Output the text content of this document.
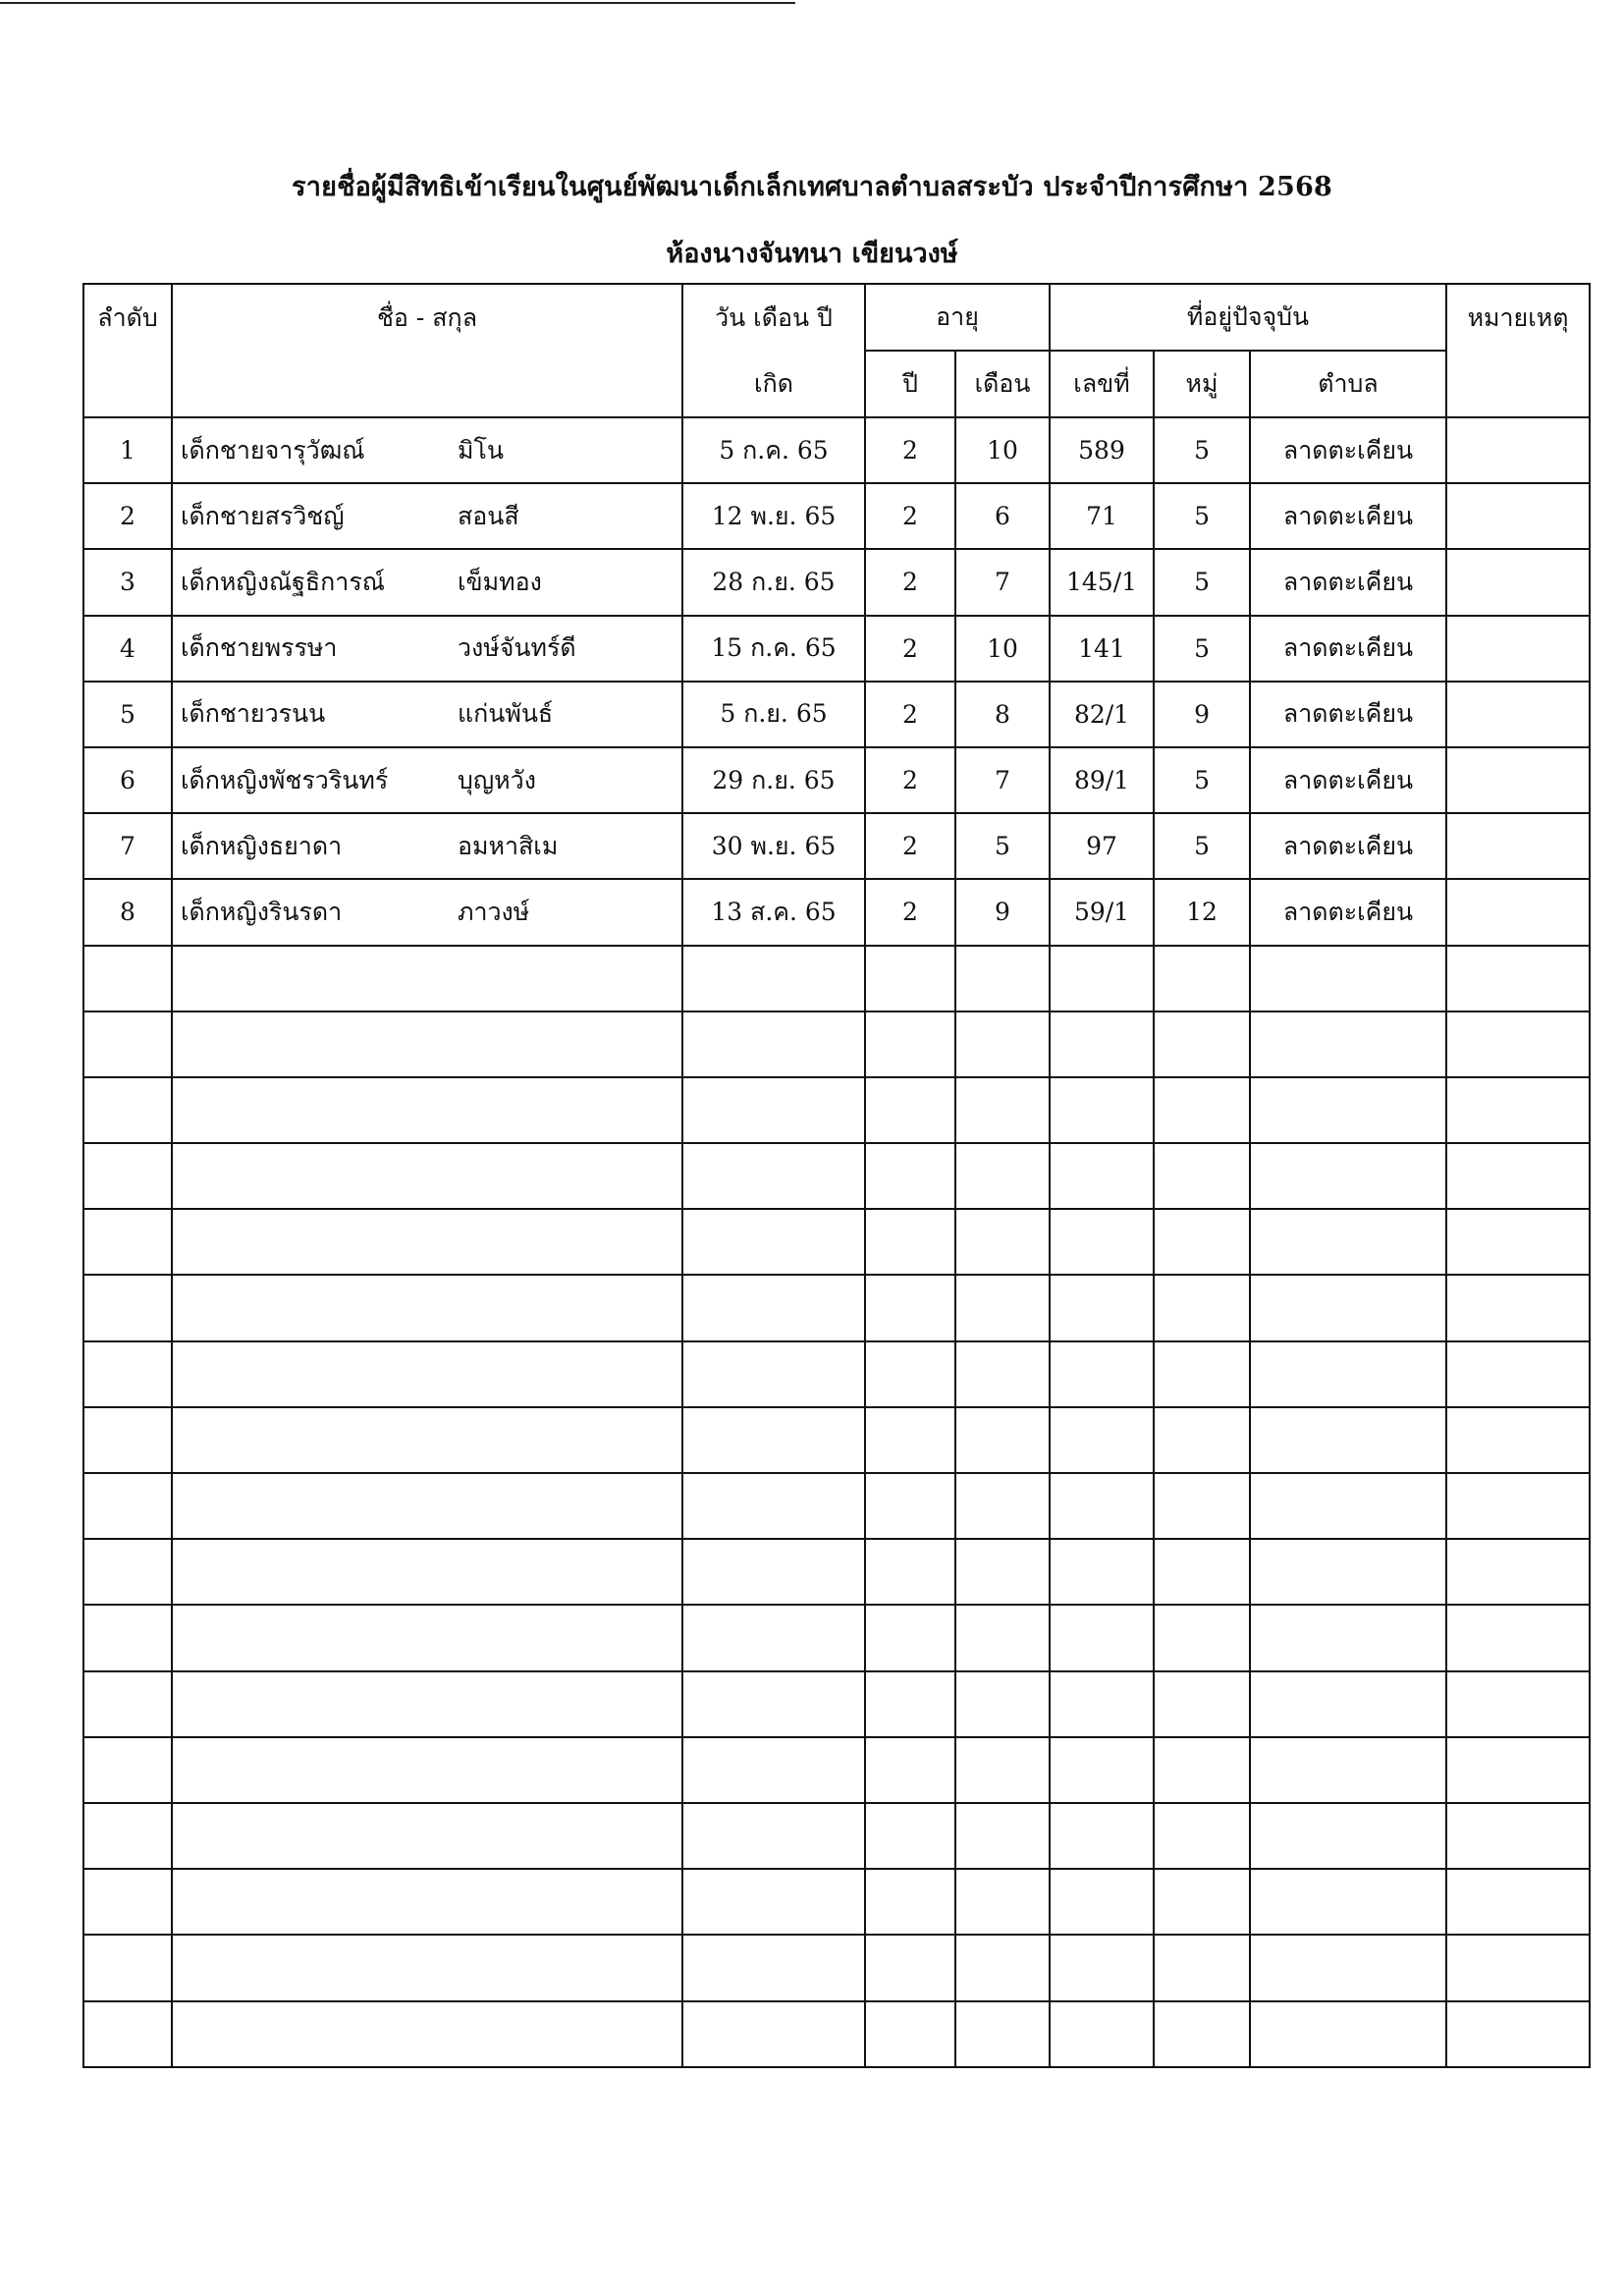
รายชื่อผู้มีสิทธิเข้าเรียนในศูนย์พัฒนาเด็กเล็กเทศบาลตำบลสระบัว ประจำปีการศึกษา 2568
ห้องนางจันทนา เขียนวงษ์
ลำดับ	ชื่อ - สกุล	วัน เดือน ปี	อายุ		ที่อยู่ปัจจุบัน			หมายเหตุ
		เกิด	ปี	เดือน	เลขที่	หมู่	ตำบล	
1	เด็กชายจารุวัฒณ์ มิโน	5 ก.ค. 65	2	10	589	5	ลาดตะเคียน	
2	เด็กชายสรวิชญ์ สอนสี	12 พ.ย. 65	2	6	71	5	ลาดตะเคียน	
3	เด็กหญิงณัฐธิการณ์ เข็มทอง	28 ก.ย. 65	2	7	145/1	5	ลาดตะเคียน	
4	เด็กชายพรรษา วงษ์จันทร์ดี	15 ก.ค. 65	2	10	141	5	ลาดตะเคียน	
5	เด็กชายวรนน แก่นพันธ์	5 ก.ย. 65	2	8	82/1	9	ลาดตะเคียน	
6	เด็กหญิงพัชรวรินทร์ บุญหวัง	29 ก.ย. 65	2	7	89/1	5	ลาดตะเคียน	
7	เด็กหญิงธยาดา อมหาสิเม	30 พ.ย. 65	2	5	97	5	ลาดตะเคียน	
8	เด็กหญิงรินรดา ภาวงษ์	13 ส.ค. 65	2	9	59/1	12	ลาดตะเคียน	
